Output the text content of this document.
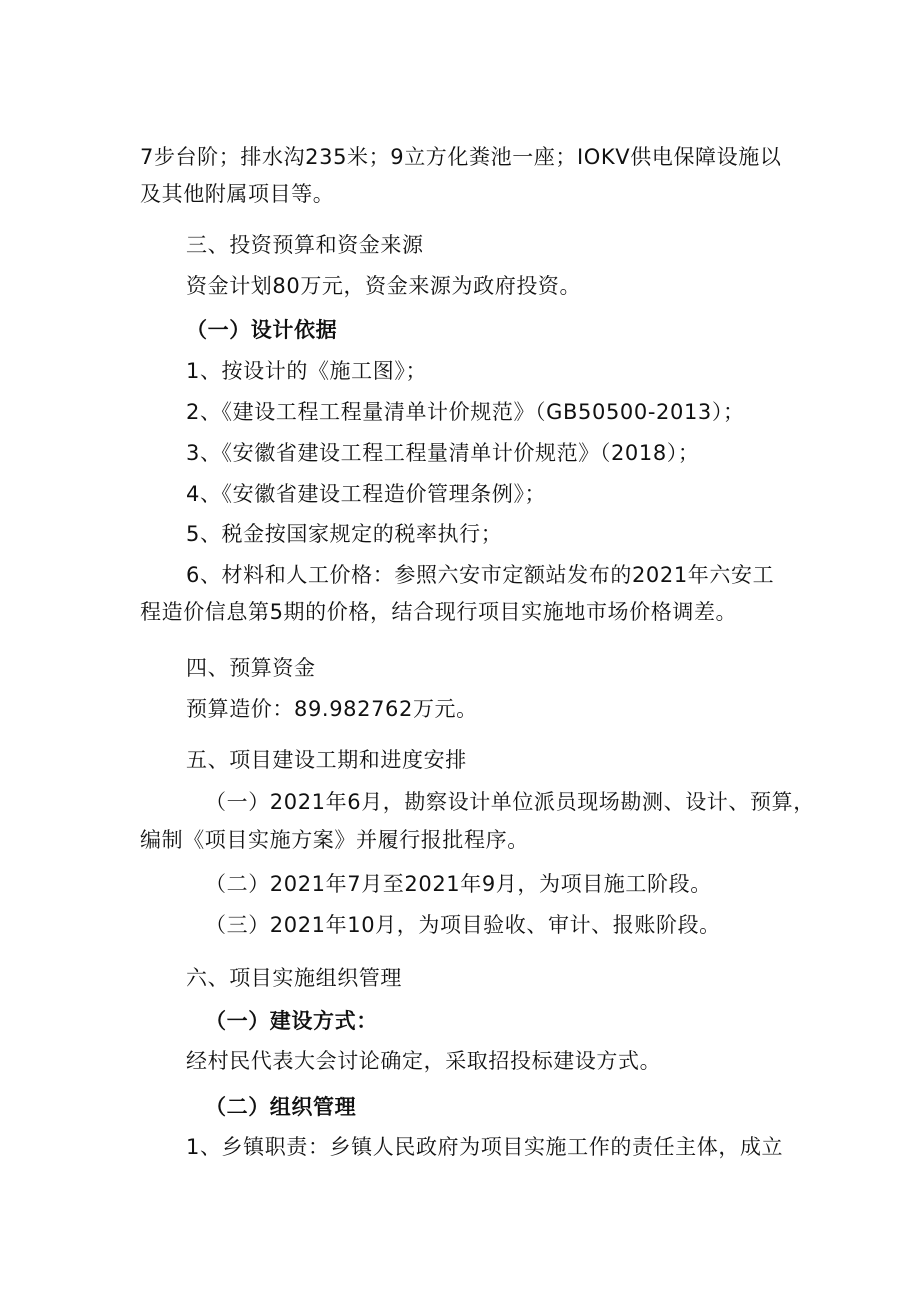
7步台阶；排水沟235米；9立方化粪池一座；IOKV供电保障设施以
及其他附属项目等。
三、投资预算和资金来源
资金计划80万元，资金来源为政府投资。
（一）设计依据
1、按设计的《施工图》；
2、《建设工程工程量清单计价规范》（GB50500-2013）；
3、《安徽省建设工程工程量清单计价规范》（2018）；
4、《安徽省建设工程造价管理条例》；
5、税金按国家规定的税率执行；
6、材料和人工价格：参照六安市定额站发布的2021年六安工
程造价信息第5期的价格，结合现行项目实施地市场价格调差。
四、预算资金
预算造价：89.982762万元。
五、项目建设工期和进度安排
（一）2021年6月，勘察设计单位派员现场勘测、设计、预算，
编制《项目实施方案》并履行报批程序。
（二）2021年7月至2021年9月，为项目施工阶段。
（三）2021年10月，为项目验收、审计、报账阶段。
六、项目实施组织管理
（一）建设方式：
经村民代表大会讨论确定，采取招投标建设方式。
（二）组织管理
1、乡镇职责：乡镇人民政府为项目实施工作的责任主体，成立
